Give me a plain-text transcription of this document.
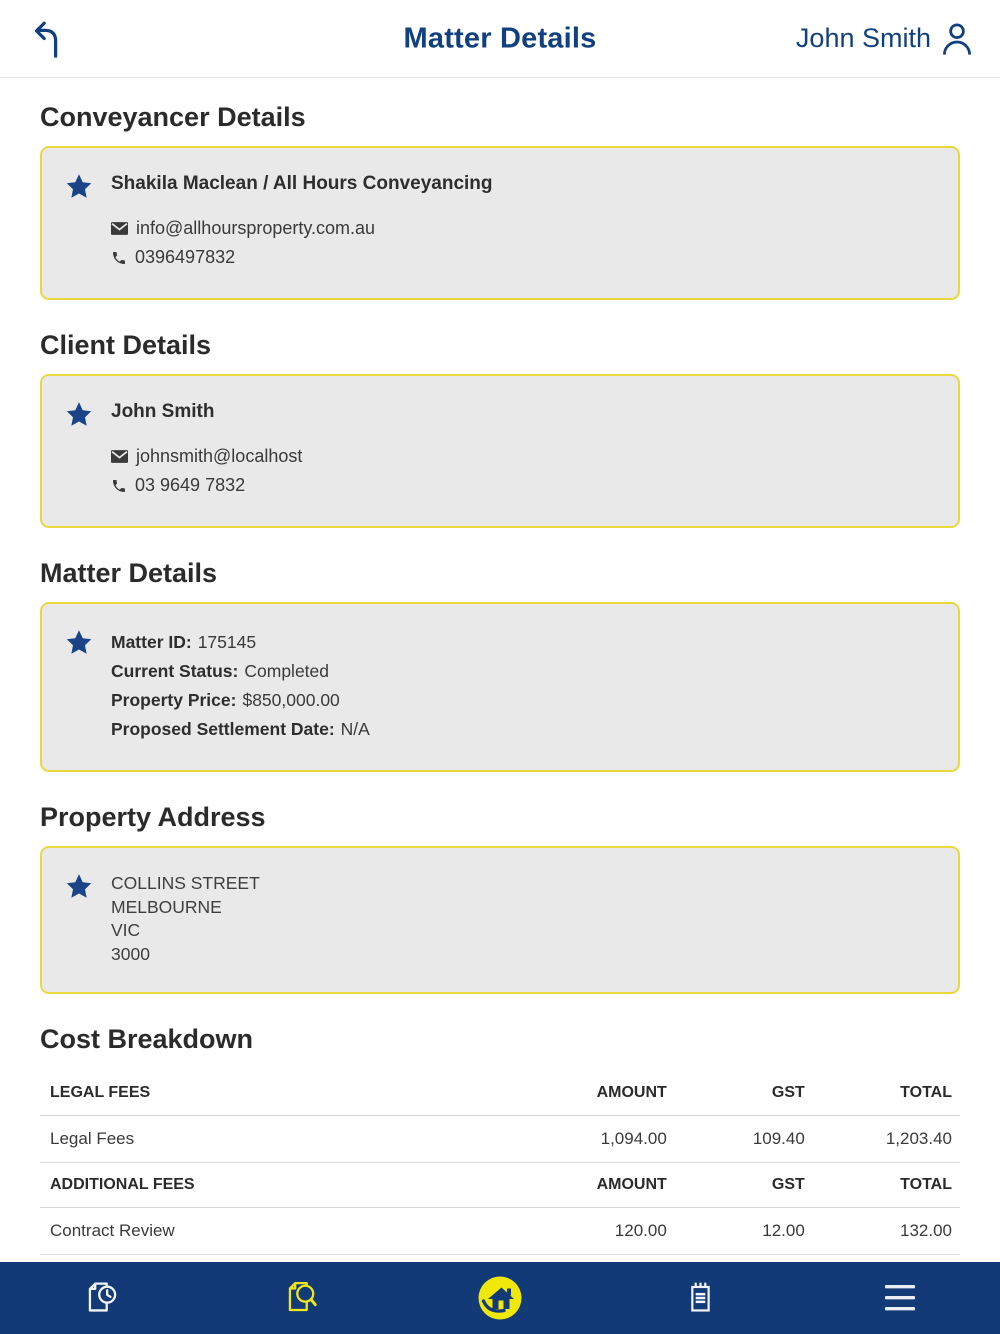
Matter Details	John Smith
Conveyancer Details
Shakila Maclean / All Hours Conveyancing
info@allhoursproperty.com.au
0396497832
Client Details
John Smith
johnsmith@localhost
03 9649 7832
Matter Details
Matter ID: 175145
Current Status: Completed
Property Price: $850,000.00
Proposed Settlement Date: N/A
Property Address
COLLINS STREET
MELBOURNE
VIC
3000
Cost Breakdown
LEGAL FEES	AMOUNT	GST	TOTAL
Legal Fees	1,094.00	109.40	1,203.40
ADDITIONAL FEES	AMOUNT	GST	TOTAL
Contract Review	120.00	12.00	132.00
